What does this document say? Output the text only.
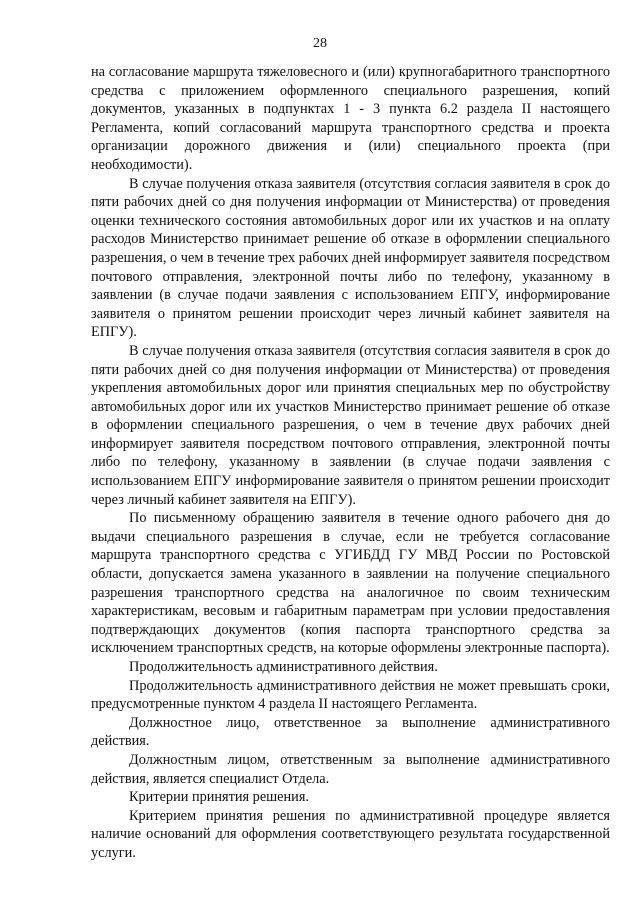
28

на согласование маршрута тяжеловесного и (или) крупногабаритного транспортного средства с приложением оформленного специального разрешения, копий документов, указанных в подпунктах 1 - 3 пункта 6.2 раздела II настоящего Регламента, копий согласований маршрута транспортного средства и проекта организации дорожного движения и (или) специального проекта (при необходимости).

В случае получения отказа заявителя (отсутствия согласия заявителя в срок до пяти рабочих дней со дня получения информации от Министерства) от проведения оценки технического состояния автомобильных дорог или их участков и на оплату расходов Министерство принимает решение об отказе в оформлении специального разрешения, о чем в течение трех рабочих дней информирует заявителя посредством почтового отправления, электронной почты либо по телефону, указанному в заявлении (в случае подачи заявления с использованием ЕПГУ, информирование заявителя о принятом решении происходит через личный кабинет заявителя на ЕПГУ).

В случае получения отказа заявителя (отсутствия согласия заявителя в срок до пяти рабочих дней со дня получения информации от Министерства) от проведения укрепления автомобильных дорог или принятия специальных мер по обустройству автомобильных дорог или их участков Министерство принимает решение об отказе в оформлении специального разрешения, о чем в течение двух рабочих дней информирует заявителя посредством почтового отправления, электронной почты либо по телефону, указанному в заявлении (в случае подачи заявления с использованием ЕПГУ информирование заявителя о принятом решении происходит через личный кабинет заявителя на ЕПГУ).

По письменному обращению заявителя в течение одного рабочего дня до выдачи специального разрешения в случае, если не требуется согласование маршрута транспортного средства с УГИБДД ГУ МВД России по Ростовской области, допускается замена указанного в заявлении на получение специального разрешения транспортного средства на аналогичное по своим техническим характеристикам, весовым и габаритным параметрам при условии предоставления подтверждающих документов (копия паспорта транспортного средства за исключением транспортных средств, на которые оформлены электронные паспорта).

Продолжительность административного действия.

Продолжительность административного действия не может превышать сроки, предусмотренные пунктом 4 раздела II настоящего Регламента.

Должностное лицо, ответственное за выполнение административного действия.

Должностным лицом, ответственным за выполнение административного действия, является специалист Отдела.

Критерии принятия решения.

Критерием принятия решения по административной процедуре является наличие оснований для оформления соответствующего результата государственной услуги.
